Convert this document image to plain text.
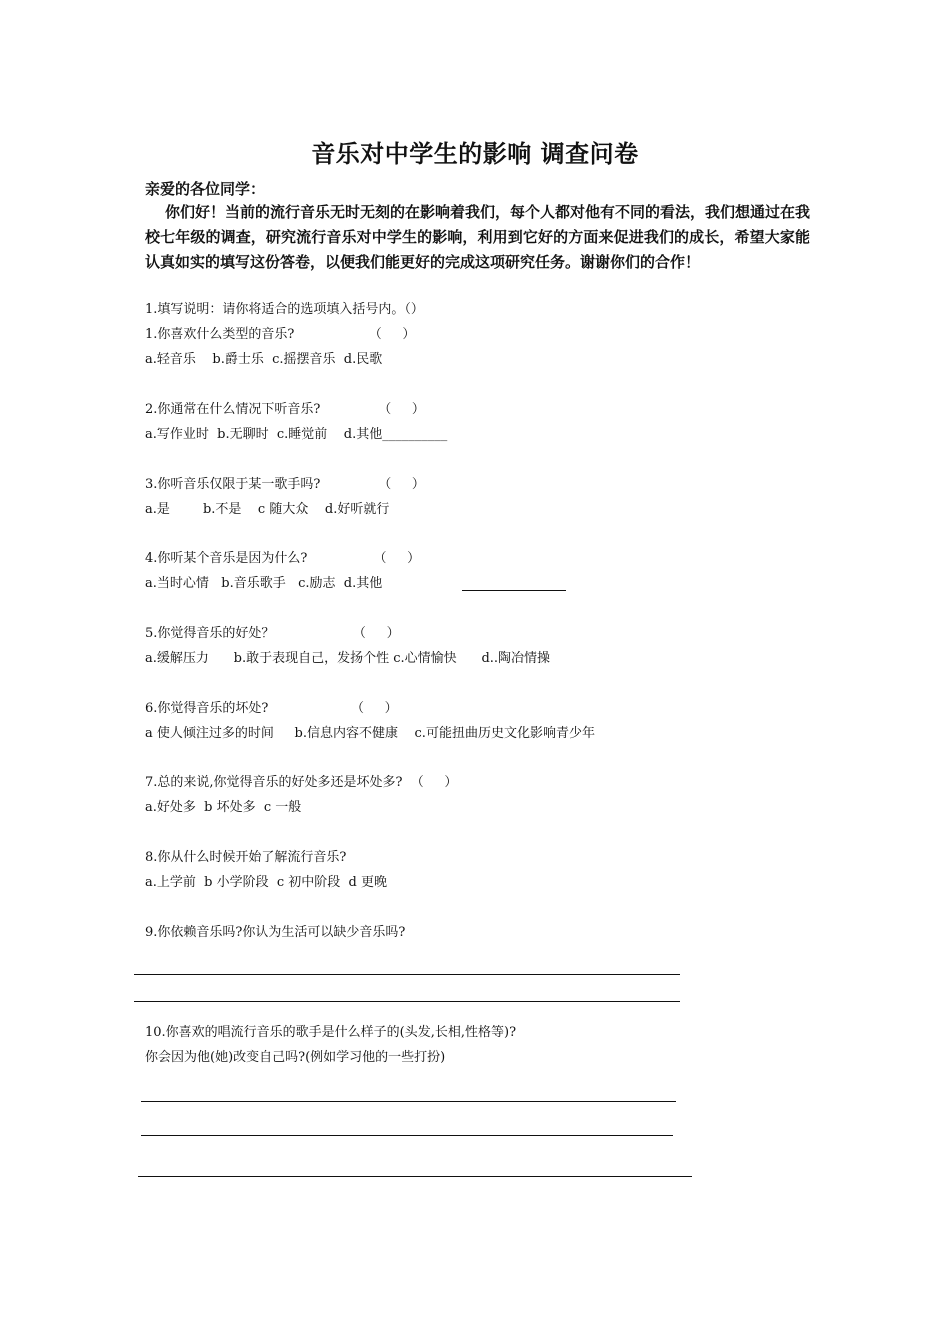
音乐对中学生的影响 调查问卷
亲爱的各位同学：
你们好！当前的流行音乐无时无刻的在影响着我们，每个人都对他有不同的看法，我们想通过在我校七年级的调查，研究流行音乐对中学生的影响，利用到它好的方面来促进我们的成长，希望大家能认真如实的填写这份答卷，以便我们能更好的完成这项研究任务。谢谢你们的合作！
1.填写说明：请你将适合的选项填入括号内。（）
1.你喜欢什么类型的音乐?                  （     ）
a.轻音乐    b.爵士乐  c.摇摆音乐  d.民歌
2.你通常在什么情况下听音乐?              （     ）
a.写作业时  b.无聊时  c.睡觉前    d.其他__________
3.你听音乐仅限于某一歌手吗?              （     ）
a.是        b.不是    c 随大众    d.好听就行
4.你听某个音乐是因为什么?                （     ）
a.当时心情   b.音乐歌手   c.励志  d.其他
5.你觉得音乐的好处？                   （     ）
a.缓解压力      b.敢于表现自己，发扬个性 c.心情愉快      d..陶冶情操
6.你觉得音乐的坏处?                    （     ）
a 使人倾注过多的时间     b.信息内容不健康    c.可能扭曲历史文化影响青少年
7.总的来说,你觉得音乐的好处多还是坏处多?  （     ）
a.好处多  b 坏处多  c 一般
8.你从什么时候开始了解流行音乐?
a.上学前  b 小学阶段  c 初中阶段  d 更晚
9.你依赖音乐吗?你认为生活可以缺少音乐吗?
10.你喜欢的唱流行音乐的歌手是什么样子的(头发,长相,性格等)?
你会因为他(她)改变自己吗?(例如学习他的一些打扮)
